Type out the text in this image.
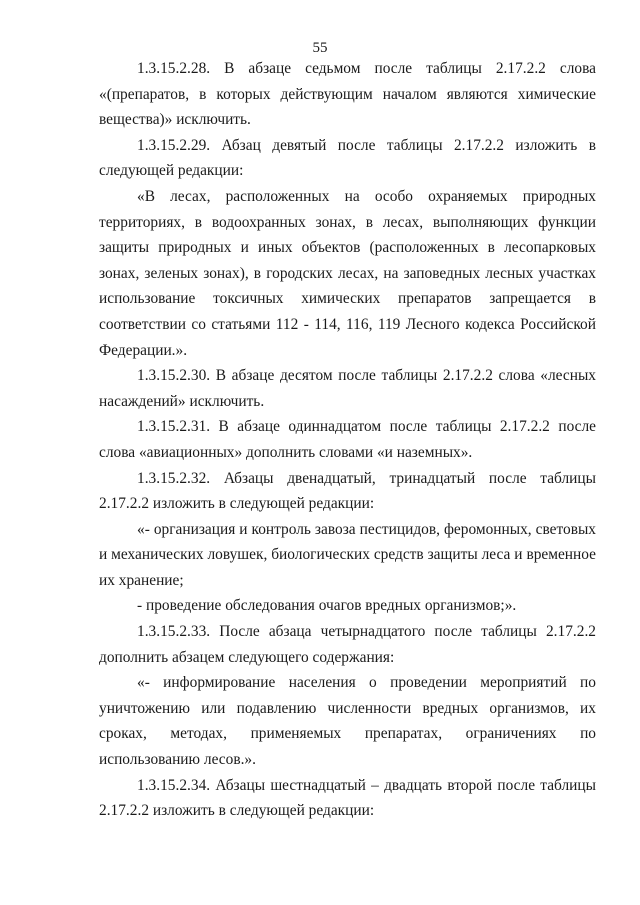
55

1.3.15.2.28. В абзаце седьмом после таблицы 2.17.2.2 слова «(препаратов, в которых действующим началом являются химические вещества)» исключить.

1.3.15.2.29. Абзац девятый после таблицы 2.17.2.2 изложить в следующей редакции:

«В лесах, расположенных на особо охраняемых природных территориях, в водоохранных зонах, в лесах, выполняющих функции защиты природных и иных объектов (расположенных в лесопарковых зонах, зеленых зонах), в городских лесах, на заповедных лесных участках использование токсичных химических препаратов запрещается в соответствии со статьями 112 - 114, 116, 119 Лесного кодекса Российской Федерации.».

1.3.15.2.30. В абзаце десятом после таблицы 2.17.2.2 слова «лесных насаждений» исключить.

1.3.15.2.31. В абзаце одиннадцатом после таблицы 2.17.2.2 после слова «авиационных» дополнить словами «и наземных».

1.3.15.2.32. Абзацы двенадцатый, тринадцатый после таблицы 2.17.2.2 изложить в следующей редакции:

«- организация и контроль завоза пестицидов, феромонных, световых и механических ловушек, биологических средств защиты леса и временное их хранение;

- проведение обследования очагов вредных организмов;».

1.3.15.2.33. После абзаца четырнадцатого после таблицы 2.17.2.2 дополнить абзацем следующего содержания:

«- информирование населения о проведении мероприятий по уничтожению или подавлению численности вредных организмов, их сроках, методах, применяемых препаратах, ограничениях по использованию лесов.».

1.3.15.2.34. Абзацы шестнадцатый – двадцать второй после таблицы 2.17.2.2 изложить в следующей редакции:
